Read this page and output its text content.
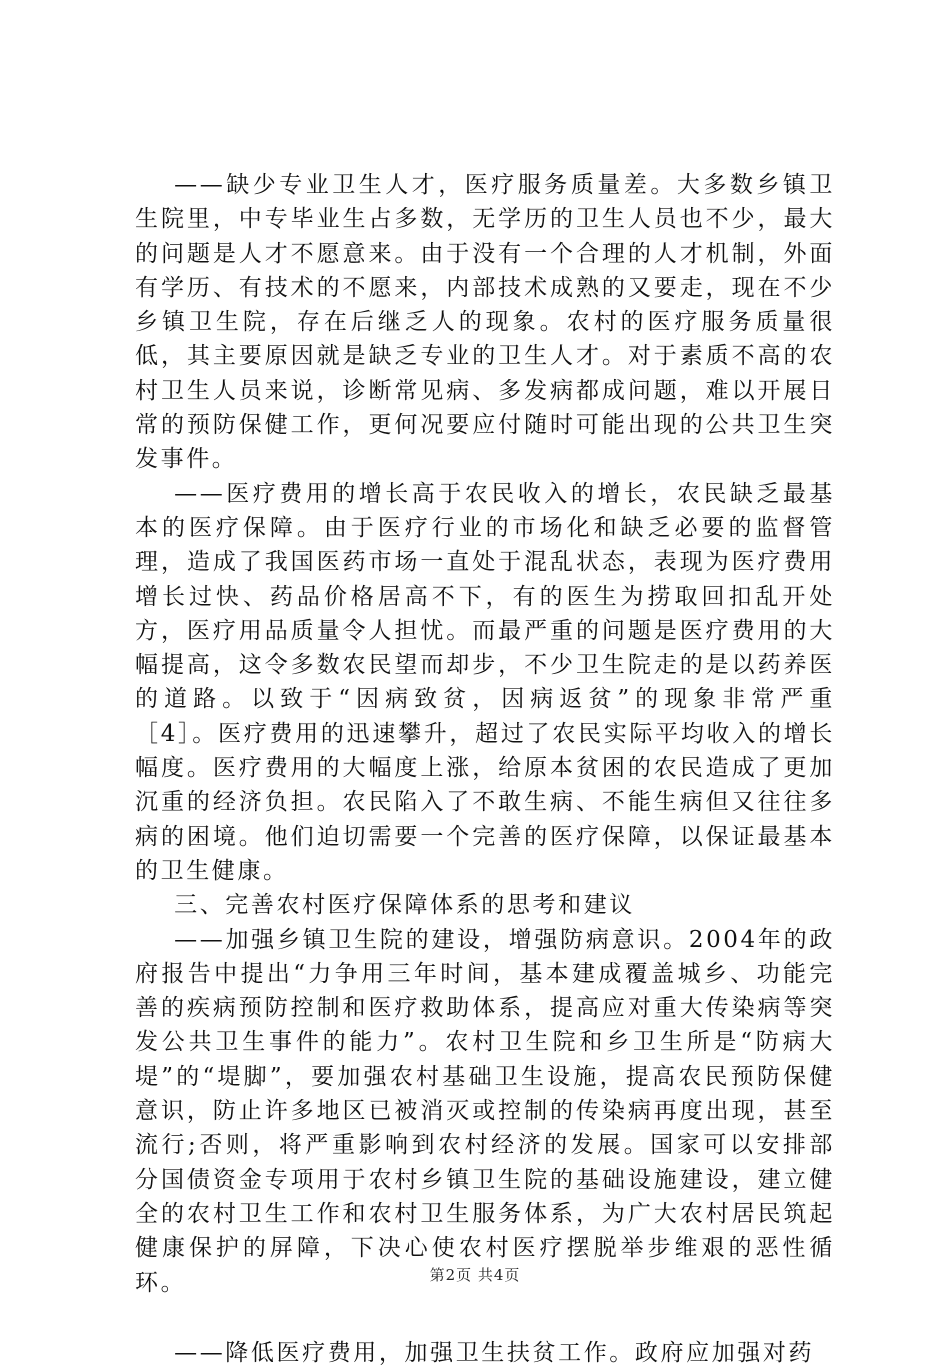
——缺少专业卫生人才，医疗服务质量差。大多数乡镇卫生院里，中专毕业生占多数，无学历的卫生人员也不少，最大的问题是人才不愿意来。由于没有一个合理的人才机制，外面有学历、有技术的不愿来，内部技术成熟的又要走，现在不少乡镇卫生院，存在后继乏人的现象。农村的医疗服务质量很低，其主要原因就是缺乏专业的卫生人才。对于素质不高的农村卫生人员来说，诊断常见病、多发病都成问题，难以开展日常的预防保健工作，更何况要应付随时可能出现的公共卫生突发事件。

——医疗费用的增长高于农民收入的增长，农民缺乏最基本的医疗保障。由于医疗行业的市场化和缺乏必要的监督管理，造成了我国医药市场一直处于混乱状态，表现为医疗费用增长过快、药品价格居高不下，有的医生为捞取回扣乱开处方，医疗用品质量令人担忧。而最严重的问题是医疗费用的大幅提高，这令多数农民望而却步，不少卫生院走的是以药养医的道路。以致于“因病致贫，因病返贫”的现象非常严重［4］。医疗费用的迅速攀升，超过了农民实际平均收入的增长幅度。医疗费用的大幅度上涨，给原本贫困的农民造成了更加沉重的经济负担。农民陷入了不敢生病、不能生病但又往往多病的困境。他们迫切需要一个完善的医疗保障，以保证最基本的卫生健康。

三、完善农村医疗保障体系的思考和建议

——加强乡镇卫生院的建设，增强防病意识。2004年的政府报告中提出“力争用三年时间，基本建成覆盖城乡、功能完善的疾病预防控制和医疗救助体系，提高应对重大传染病等突发公共卫生事件的能力”。农村卫生院和乡卫生所是“防病大堤”的“堤脚”，要加强农村基础卫生设施，提高农民预防保健意识，防止许多地区已被消灭或控制的传染病再度出现，甚至流行;否则，将严重影响到农村经济的发展。国家可以安排部分国债资金专项用于农村乡镇卫生院的基础设施建设，建立健全的农村卫生工作和农村卫生服务体系，为广大农村居民筑起健康保护的屏障，下决心使农村医疗摆脱举步维艰的恶性循环。

——降低医疗费用，加强卫生扶贫工作。政府应加强对药

第2页 共4页
